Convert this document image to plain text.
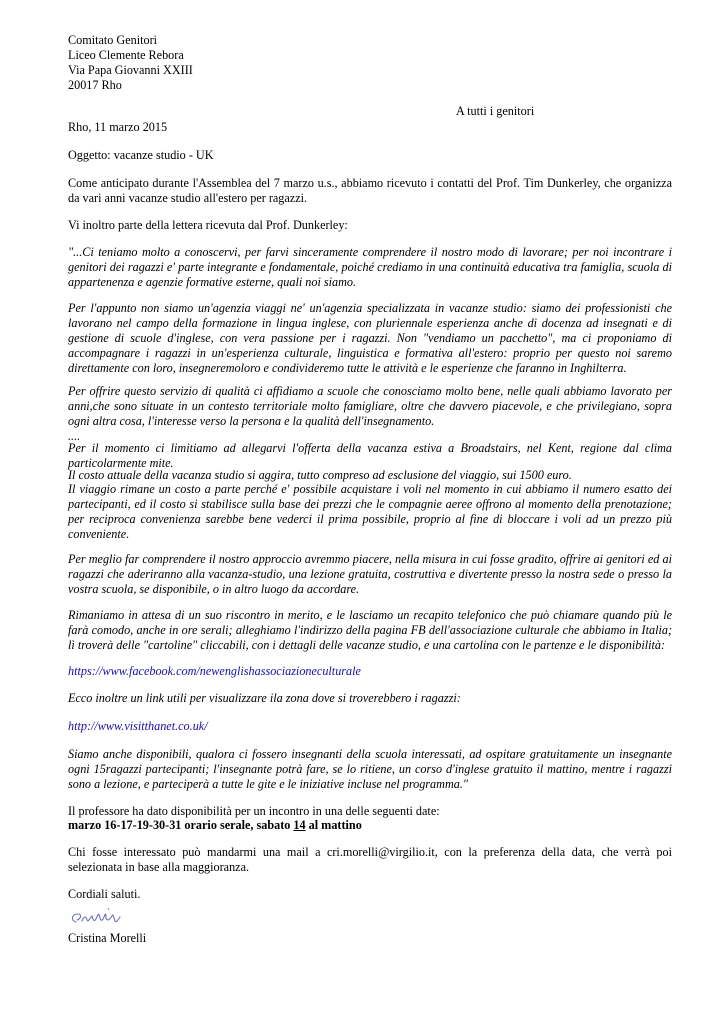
Comitato Genitori
Liceo Clemente Rebora
Via Papa Giovanni XXIII
20017 Rho
A tutti i genitori
Rho, 11 marzo 2015
Oggetto: vacanze studio - UK
Come anticipato durante l'Assemblea del 7 marzo u.s., abbiamo ricevuto i contatti del Prof. Tim Dunkerley, che organizza da vari anni vacanze studio all'estero per ragazzi.
Vi inoltro parte della lettera ricevuta dal Prof. Dunkerley:
"...Ci teniamo molto a conoscervi, per farvi sinceramente comprendere il nostro modo di lavorare; per noi incontrare i genitori dei ragazzi e' parte integrante e fondamentale, poiché crediamo in una continuità educativa tra famiglia, scuola di appartenenza e agenzie formative esterne, quali noi siamo.
Per l'appunto non siamo un'agenzia viaggi ne' un'agenzia specializzata in vacanze studio: siamo dei professionisti che lavorano nel campo della formazione in lingua inglese, con pluriennale esperienza anche di docenza ad insegnati e di gestione di scuole d'inglese, con vera passione per i ragazzi. Non "vendiamo un pacchetto", ma ci proponiamo di accompagnare i ragazzi in un'esperienza culturale, linguistica e formativa all'estero: proprio per questo noi saremo direttamente con loro, insegneremoloro e condivideremo tutte le attività e le esperienze che faranno in Inghilterra.
Per offrire questo servizio di qualità ci affidiamo a scuole che conosciamo molto bene, nelle quali abbiamo lavorato per anni,che sono situate in un contesto territoriale molto famigliare, oltre che davvero piacevole, e che privilegiano, sopra ogni altra cosa, l'interesse verso la persona e la qualità dell'insegnamento.
....
Per il momento ci limitiamo ad allegarvi l'offerta della vacanza estiva a Broadstairs, nel Kent, regione dal clima particolarmente mite.
Il costo attuale della vacanza studio si aggira, tutto compreso ad esclusione del viaggio, sui 1500 euro.
Il viaggio rimane un costo a parte perché e' possibile acquistare i voli nel momento in cui abbiamo il numero esatto dei partecipanti, ed il costo si stabilisce sulla base dei prezzi che le compagnie aeree offrono al momento della prenotazione; per reciproca convenienza sarebbe bene vederci il prima possibile, proprio al fine di bloccare i voli ad un prezzo più conveniente.
Per meglio far comprendere il nostro approccio avremmo piacere, nella misura in cui fosse gradito, offrire ai genitori ed ai ragazzi che aderiranno alla vacanza-studio, una lezione gratuita, costruttiva e divertente presso la nostra sede o presso la vostra scuola, se disponibile, o in altro luogo da accordare.
Rimaniamo in attesa di un suo riscontro in merito, e le lasciamo un recapito telefonico che può chiamare quando più le farà comodo, anche in ore serali; alleghiamo l'indirizzo della pagina FB dell'associazione culturale che abbiamo in Italia; lì troverà delle "cartoline" cliccabili, con i dettagli delle vacanze studio, e una cartolina con le partenze e le disponibilità:
https://www.facebook.com/newenglishassociazioneculturale
Ecco inoltre un link utili per visualizzare ila zona dove si troverebbero i ragazzi:
http://www.visitthanet.co.uk/
Siamo anche disponibili, qualora ci fossero insegnanti della scuola interessati, ad ospitare gratuitamente un insegnante ogni 15ragazzi partecipanti; l'insegnante potrà fare, se lo ritiene, un corso d'inglese gratuito il mattino, mentre i ragazzi sono a lezione, e parteciperà a tutte le gite e le iniziative incluse nel programma."
Il professore ha dato disponibilità per un incontro in una delle seguenti date:
marzo 16-17-19-30-31 orario serale, sabato 14 al mattino
Chi fosse interessato può mandarmi una mail a cri.morelli@virgilio.it, con la preferenza della data, che verrà poi selezionata in base alla maggioranza.
Cordiali saluti.
Cristina Morelli
